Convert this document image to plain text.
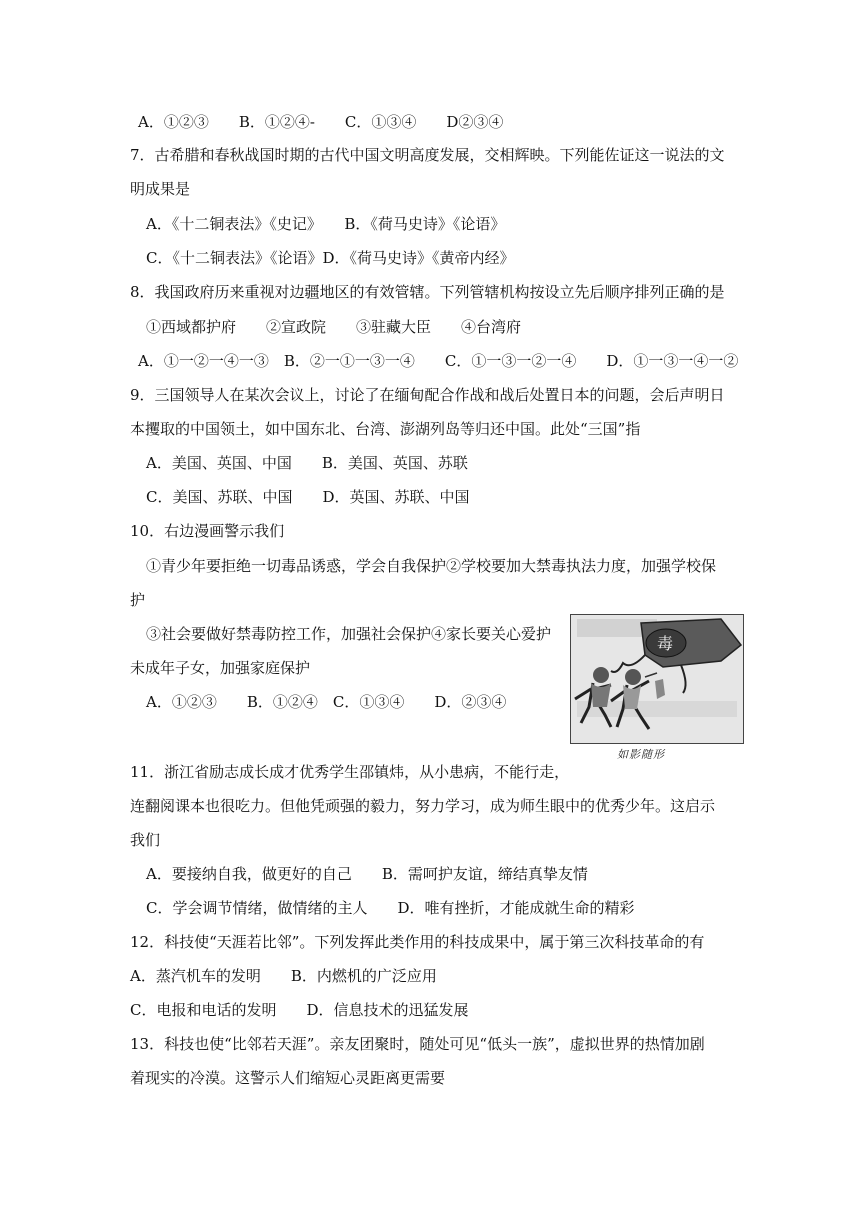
A．①②③　　B．①②④-　　C．①③④　　D②③④
7．古希腊和春秋战国时期的古代中国文明高度发展，交相辉映。下列能佐证这一说法的文
明成果是
A．《十二铜表法》《史记》　　B．《荷马史诗》《论语》
C．《十二铜表法》《论语》D．《荷马史诗》《黄帝内经》
8．我国政府历来重视对边疆地区的有效管辖。下列管辖机构按设立先后顺序排列正确的是
①西域都护府　　②宣政院　　③驻藏大臣　　④台湾府
A．①一②一④一③　B．②一①一③一④　　C．①一③一②一④　　D．①一③一④一②
9．三国领导人在某次会议上，讨论了在缅甸配合作战和战后处置日本的问题，会后声明日
本攫取的中国领土，如中国东北、台湾、澎湖列岛等归还中国。此处“三国”指
A．美国、英国、中国　　B．美国、英国、苏联
C．美国、苏联、中国　　D．英国、苏联、中国
10．右边漫画警示我们
①青少年要拒绝一切毒品诱惑，学会自我保护②学校要加大禁毒执法力度，加强学校保
护
③社会要做好禁毒防控工作，加强社会保护④家长要关心爱护
未成年子女，加强家庭保护
A．①②③　　B．①②④　C．①③④　　D．②③④
11．浙江省励志成长成才优秀学生邵镇炜，从小患病，不能行走，
连翻阅课本也很吃力。但他凭顽强的毅力，努力学习，成为师生眼中的优秀少年。这启示
我们
A．要接纳自我，做更好的自己　　B．需呵护友谊，缔结真挚友情
C．学会调节情绪，做情绪的主人　　D．唯有挫折，才能成就生命的精彩
12．科技使“天涯若比邻”。下列发挥此类作用的科技成果中，属于第三次科技革命的有
A．蒸汽机车的发明　　B．内燃机的广泛应用
C．电报和电话的发明　　D．信息技术的迅猛发展
13．科技也使“比邻若天涯”。亲友团聚时，随处可见“低头一族”，虚拟世界的热情加剧
着现实的冷漠。这警示人们缩短心灵距离更需要
毒
如影随形
